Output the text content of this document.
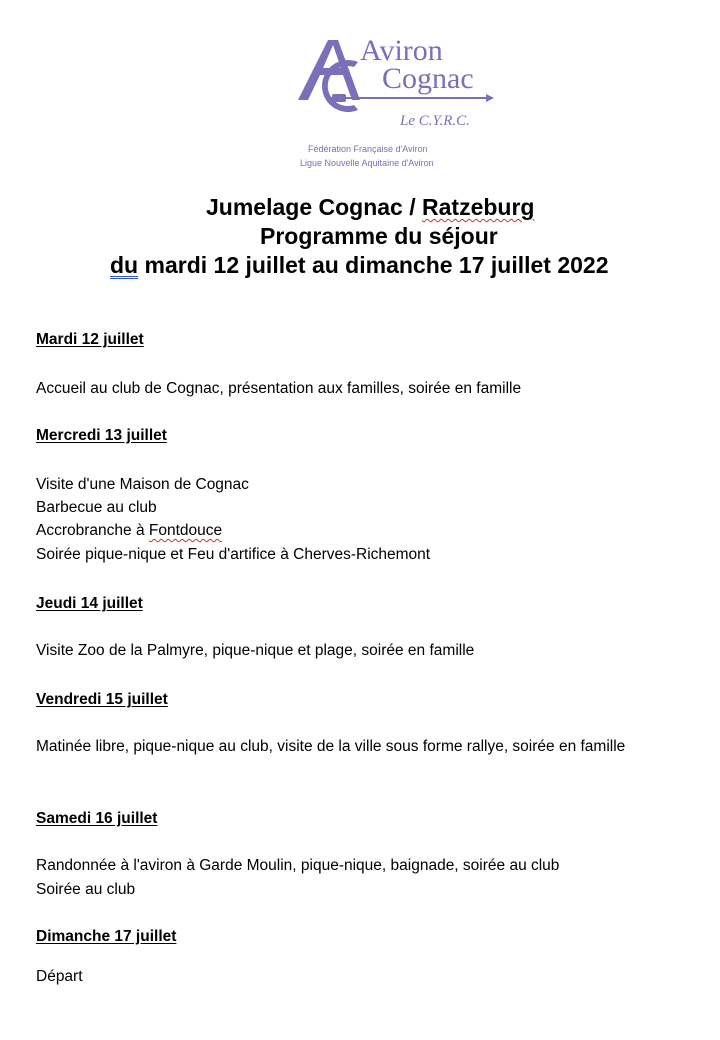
Aviron
Cognac
Le C.Y.R.C.
Fédération Française d'Aviron
Ligue Nouvelle Aquitaine d'Aviron
Jumelage Cognac / Ratzeburg
Programme du séjour
du mardi 12 juillet au dimanche 17 juillet 2022
Mardi 12 juillet
Accueil au club de Cognac, présentation aux familles, soirée en famille
Mercredi 13 juillet
Visite d'une Maison de Cognac
Barbecue au club
Accrobranche à Fontdouce
Soirée pique-nique et Feu d'artifice à Cherves-Richemont
Jeudi 14 juillet
Visite Zoo de la Palmyre, pique-nique et plage, soirée en famille
Vendredi 15 juillet
Matinée libre, pique-nique au club, visite de la ville sous forme rallye, soirée en famille
Samedi 16 juillet
Randonnée à l'aviron à Garde Moulin, pique-nique, baignade, soirée au club
Soirée au club
Dimanche 17 juillet
Départ
